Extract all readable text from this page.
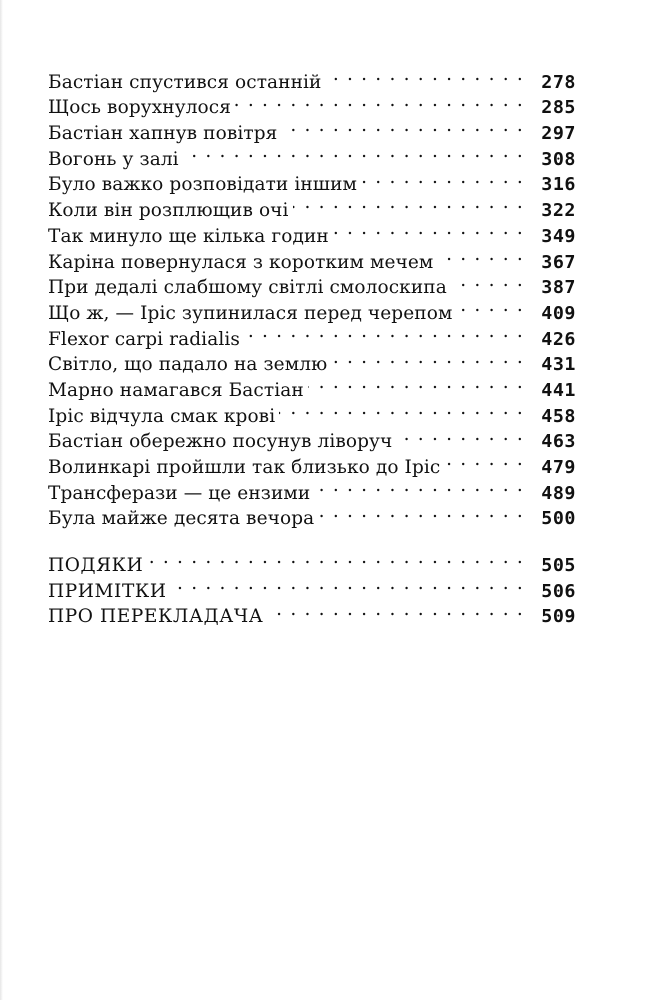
Бастіан спустився останній . . .	278
Щось ворухнулося . . .	285
Бастіан хапнув повітря . . .	297
Вогонь у залі . . .	308
Було важко розповідати іншим . . .	316
Коли він розплющив очі . . .	322
Так минуло ще кілька годин . . .	349
Каріна повернулася з коротким мечем . . .	367
При дедалі слабшому світлі смолоскипа . . .	387
Що ж, — Іріс зупинилася перед черепом . . .	409
Flexor carpi radialis . . .	426
Світло, що падало на землю . . .	431
Марно намагався Бастіан . . .	441
Іріс відчула смак крові . . .	458
Бастіан обережно посунув ліворуч . . .	463
Волинкарі пройшли так близько до Іріс . . .	479
Трансферази — це ензими . . .	489
Була майже десята вечора . . .	500
ПОДЯКИ . . .	505
ПРИМІТКИ . . .	506
ПРО ПЕРЕКЛАДАЧА . . .	509
